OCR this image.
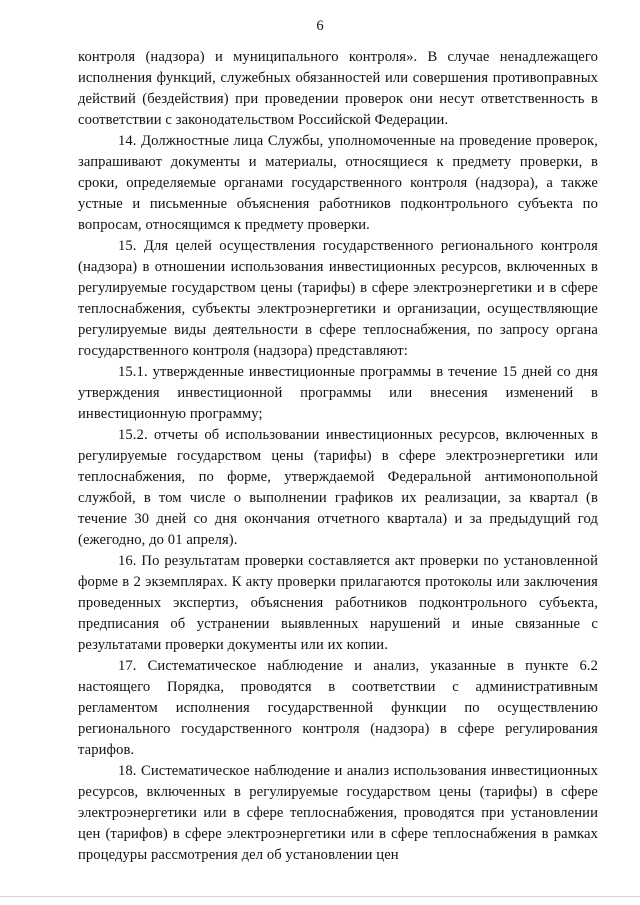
6

контроля (надзора) и муниципального контроля». В случае ненадлежащего исполнения функций, служебных обязанностей или совершения противоправных действий (бездействия) при проведении проверок они несут ответственность в соответствии с законодательством Российской Федерации.

14. Должностные лица Службы, уполномоченные на проведение проверок, запрашивают документы и материалы, относящиеся к предмету проверки, в сроки, определяемые органами государственного контроля (надзора), а также устные и письменные объяснения работников подконтрольного субъекта по вопросам, относящимся к предмету проверки.

15. Для целей осуществления государственного регионального контроля (надзора) в отношении использования инвестиционных ресурсов, включенных в регулируемые государством цены (тарифы) в сфере электроэнергетики и в сфере теплоснабжения, субъекты электроэнергетики и организации, осуществляющие регулируемые виды деятельности в сфере теплоснабжения, по запросу органа государственного контроля (надзора) представляют:

15.1. утвержденные инвестиционные программы в течение 15 дней со дня утверждения инвестиционной программы или внесения изменений в инвестиционную программу;

15.2. отчеты об использовании инвестиционных ресурсов, включенных в регулируемые государством цены (тарифы) в сфере электроэнергетики или теплоснабжения, по форме, утверждаемой Федеральной антимонопольной службой, в том числе о выполнении графиков их реализации, за квартал (в течение 30 дней со дня окончания отчетного квартала) и за предыдущий год (ежегодно, до 01 апреля).

16. По результатам проверки составляется акт проверки по установленной форме в 2 экземплярах. К акту проверки прилагаются протоколы или заключения проведенных экспертиз, объяснения работников подконтрольного субъекта, предписания об устранении выявленных нарушений и иные связанные с результатами проверки документы или их копии.

17. Систематическое наблюдение и анализ, указанные в пункте 6.2 настоящего Порядка, проводятся в соответствии с административным регламентом исполнения государственной функции по осуществлению регионального государственного контроля (надзора) в сфере регулирования тарифов.

18. Систематическое наблюдение и анализ использования инвестиционных ресурсов, включенных в регулируемые государством цены (тарифы) в сфере электроэнергетики или в сфере теплоснабжения, проводятся при установлении цен (тарифов) в сфере электроэнергетики или в сфере теплоснабжения в рамках процедуры рассмотрения дел об установлении цен
